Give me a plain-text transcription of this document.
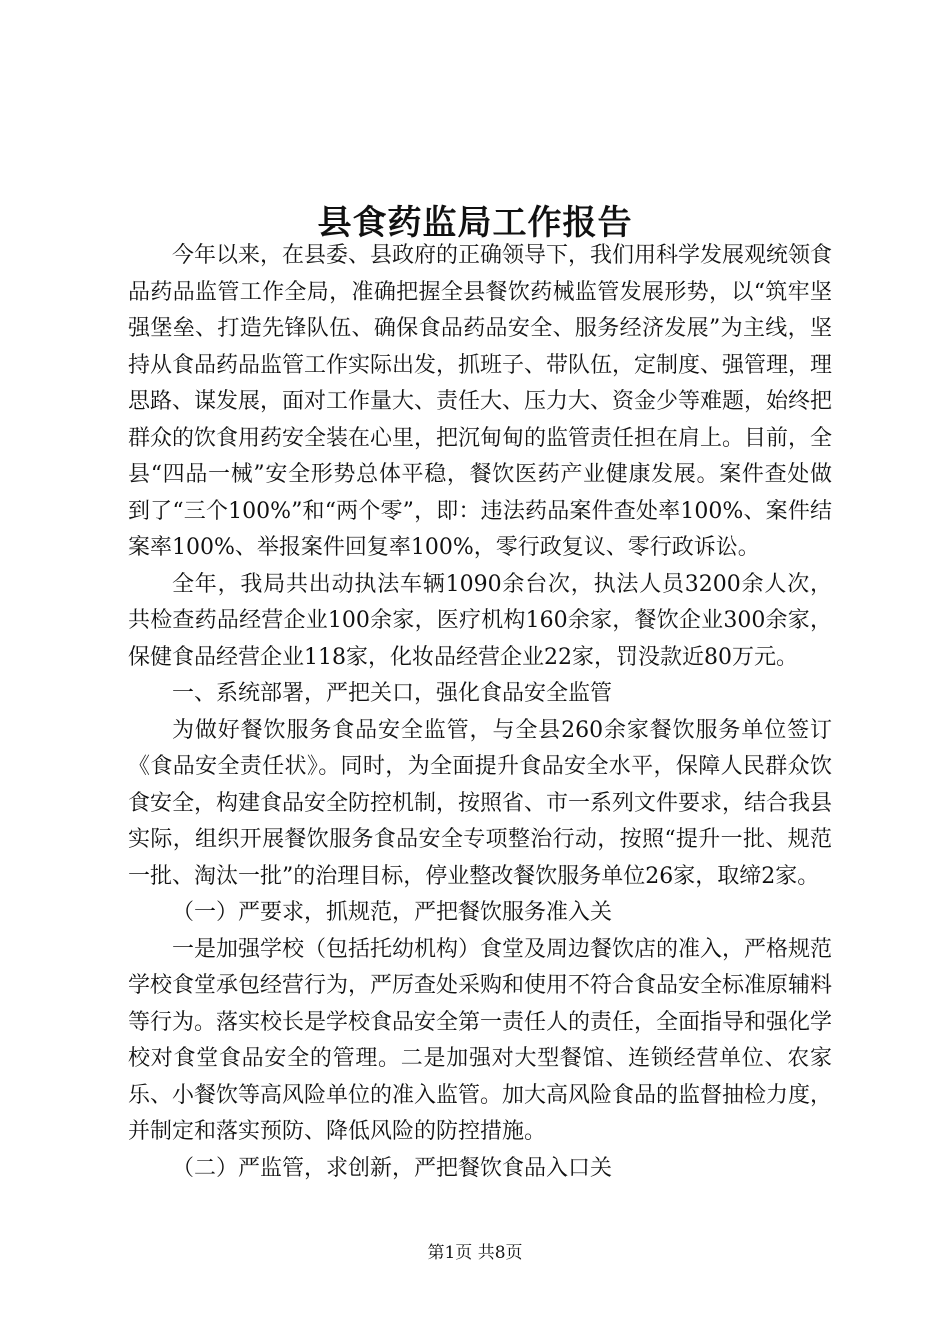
县食药监局工作报告

今年以来，在县委、县政府的正确领导下，我们用科学发展观统领食品药品监管工作全局，准确把握全县餐饮药械监管发展形势，以“筑牢坚强堡垒、打造先锋队伍、确保食品药品安全、服务经济发展”为主线，坚持从食品药品监管工作实际出发，抓班子、带队伍，定制度、强管理，理思路、谋发展，面对工作量大、责任大、压力大、资金少等难题，始终把群众的饮食用药安全装在心里，把沉甸甸的监管责任担在肩上。目前，全县“四品一械”安全形势总体平稳，餐饮医药产业健康发展。案件查处做到了“三个100%”和“两个零”，即：违法药品案件查处率100%、案件结案率100%、举报案件回复率100%，零行政复议、零行政诉讼。

全年，我局共出动执法车辆1090余台次，执法人员3200余人次，共检查药品经营企业100余家，医疗机构160余家，餐饮企业300余家，保健食品经营企业118家，化妆品经营企业22家，罚没款近80万元。

一、系统部署，严把关口，强化食品安全监管

为做好餐饮服务食品安全监管，与全县260余家餐饮服务单位签订《食品安全责任状》。同时，为全面提升食品安全水平，保障人民群众饮食安全，构建食品安全防控机制，按照省、市一系列文件要求，结合我县实际，组织开展餐饮服务食品安全专项整治行动，按照“提升一批、规范一批、淘汰一批”的治理目标，停业整改餐饮服务单位26家，取缔2家。

（一）严要求，抓规范，严把餐饮服务准入关

一是加强学校（包括托幼机构）食堂及周边餐饮店的准入，严格规范学校食堂承包经营行为，严厉查处采购和使用不符合食品安全标准原辅料等行为。落实校长是学校食品安全第一责任人的责任，全面指导和强化学校对食堂食品安全的管理。二是加强对大型餐馆、连锁经营单位、农家乐、小餐饮等高风险单位的准入监管。加大高风险食品的监督抽检力度，并制定和落实预防、降低风险的防控措施。

（二）严监管，求创新，严把餐饮食品入口关

第1页 共8页
